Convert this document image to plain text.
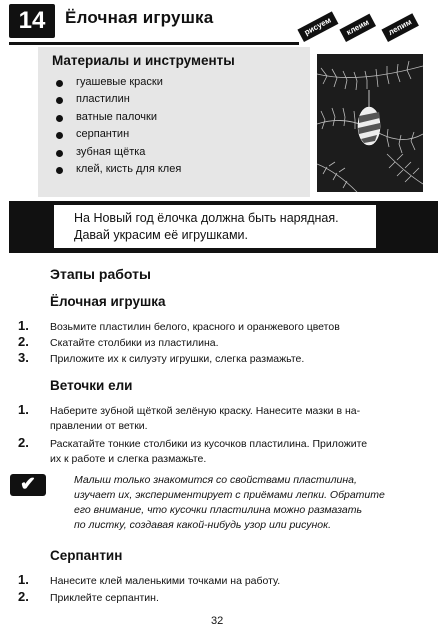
14	Ёлочная игрушка	рисуем	клеим	лепим
Материалы и инструменты
гуашевые краски
пластилин
ватные палочки
серпантин
зубная щётка
клей, кисть для клея
На Новый год ёлочка должна быть нарядная.
Давай украсим её игрушками.
Этапы работы
Ёлочная игрушка
1. Возьмите пластилин белого, красного и оранжевого цветов
2. Скатайте столбики из пластилина.
3. Приложите их к силуэту игрушки, слегка размажьте.
Веточки ели
1. Наберите зубной щёткой зелёную краску. Нанесите мазки в на-
правлении от ветки.
2. Раскатайте тонкие столбики из кусочков пластилина. Приложите
их к работе и слегка размажьте.
✔	Малыш только знакомится со свойствами пластилина,
изучает их, экспериментирует с приёмами лепки. Обратите
его внимание, что кусочки пластилина можно размазать
по листку, создавая какой-нибудь узор или рисунок.
Серпантин
1. Нанесите клей маленькими точками на работу.
2. Приклейте серпантин.
32
